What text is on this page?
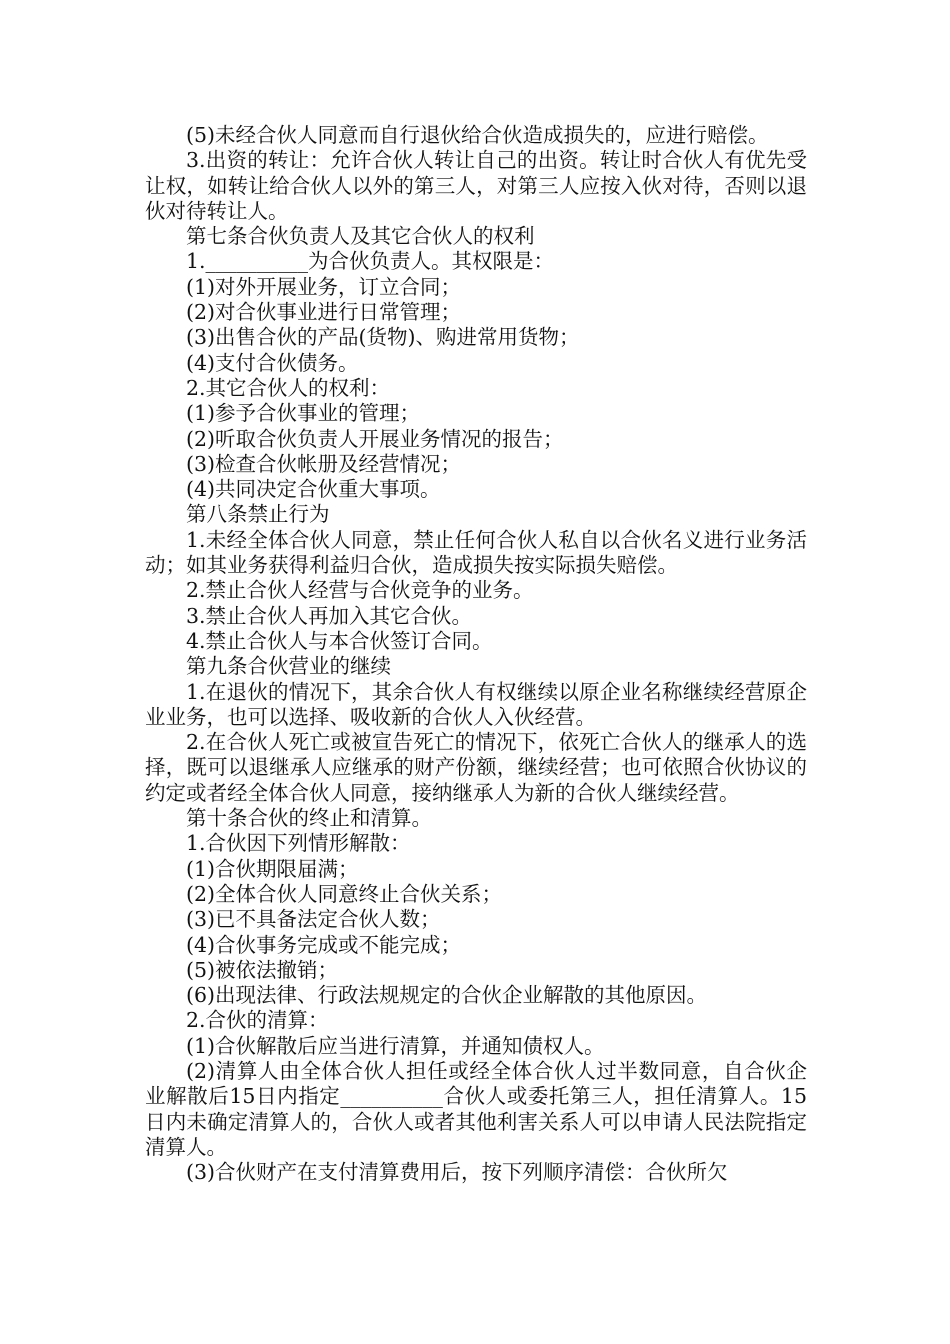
(5)未经合伙人同意而自行退伙给合伙造成损失的，应进行赔偿。

3.出资的转让：允许合伙人转让自己的出资。转让时合伙人有优先受让权，如转让给合伙人以外的第三人，对第三人应按入伙对待，否则以退伙对待转让人。

第七条合伙负责人及其它合伙人的权利

1.__________为合伙负责人。其权限是：

(1)对外开展业务，订立合同；

(2)对合伙事业进行日常管理；

(3)出售合伙的产品(货物)、购进常用货物；

(4)支付合伙债务。

2.其它合伙人的权利：

(1)参予合伙事业的管理；

(2)听取合伙负责人开展业务情况的报告；

(3)检查合伙帐册及经营情况；

(4)共同决定合伙重大事项。

第八条禁止行为

1.未经全体合伙人同意，禁止任何合伙人私自以合伙名义进行业务活动；如其业务获得利益归合伙，造成损失按实际损失赔偿。

2.禁止合伙人经营与合伙竞争的业务。

3.禁止合伙人再加入其它合伙。

4.禁止合伙人与本合伙签订合同。

第九条合伙营业的继续

1.在退伙的情况下，其余合伙人有权继续以原企业名称继续经营原企业业务，也可以选择、吸收新的合伙人入伙经营。

2.在合伙人死亡或被宣告死亡的情况下，依死亡合伙人的继承人的选择，既可以退继承人应继承的财产份额，继续经营；也可依照合伙协议的约定或者经全体合伙人同意，接纳继承人为新的合伙人继续经营。

第十条合伙的终止和清算。

1.合伙因下列情形解散：

(1)合伙期限届满；

(2)全体合伙人同意终止合伙关系；

(3)已不具备法定合伙人数；

(4)合伙事务完成或不能完成；

(5)被依法撤销；

(6)出现法律、行政法规规定的合伙企业解散的其他原因。

2.合伙的清算：

(1)合伙解散后应当进行清算，并通知债权人。

(2)清算人由全体合伙人担任或经全体合伙人过半数同意，自合伙企业解散后15日内指定__________合伙人或委托第三人，担任清算人。15日内未确定清算人的，合伙人或者其他利害关系人可以申请人民法院指定清算人。

(3)合伙财产在支付清算费用后，按下列顺序清偿：合伙所欠
